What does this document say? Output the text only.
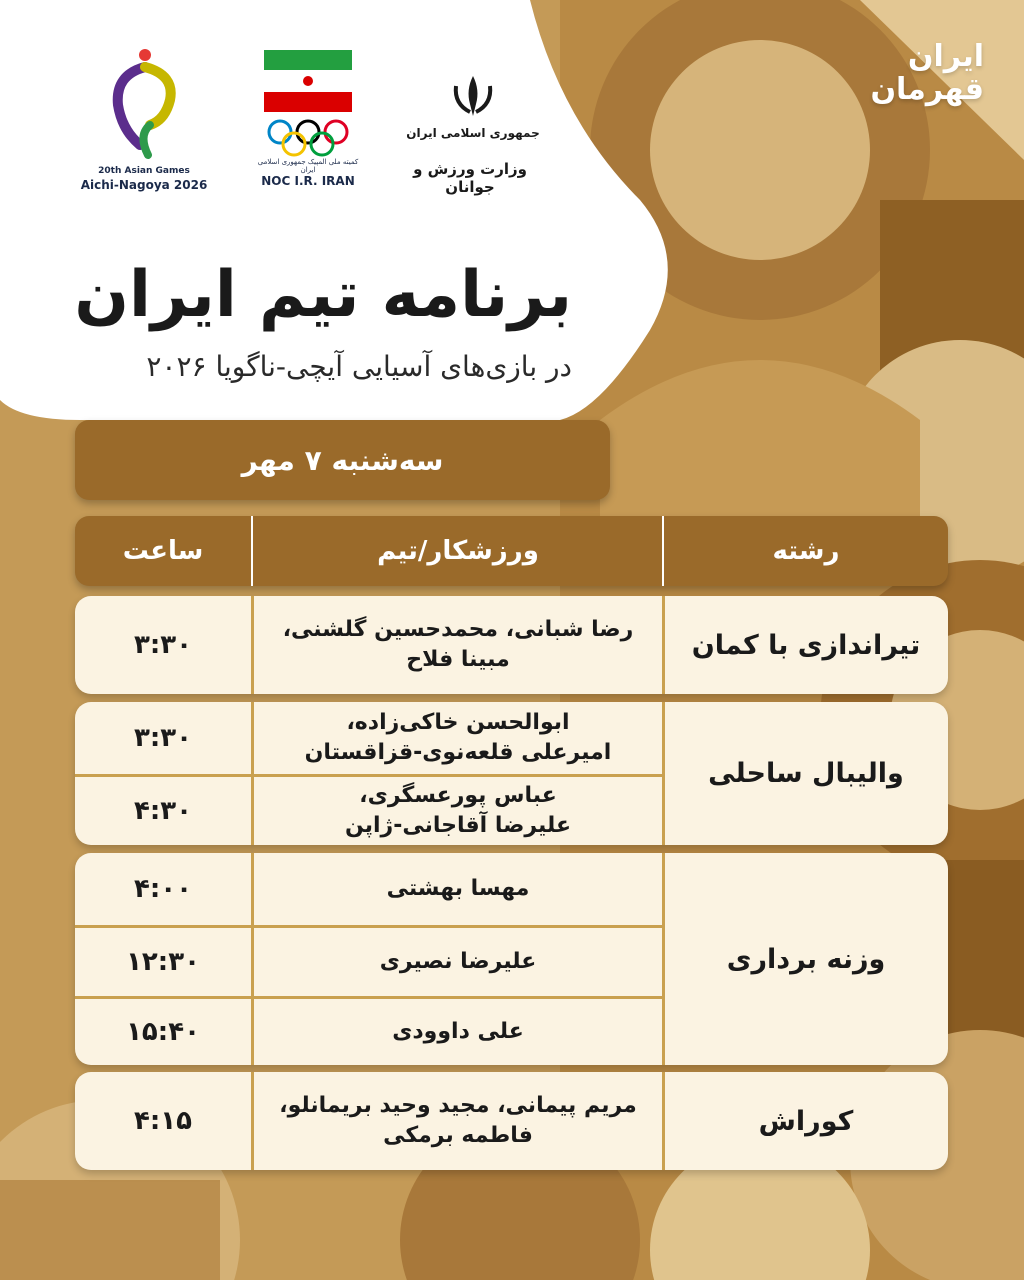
20th Asian Games
Aichi-Nagoya 2026
کمیته ملی المپیک جمهوری اسلامی ایران
NOC I.R. IRAN
جمهوری اسلامی ایران
وزارت ورزش و جوانان
ایران قهرمان
برنامه تیم ایران
در بازی‌های آسیایی آیچی-ناگویا ۲۰۲۶
سه‌شنبه ۷ مهر
رشته
ورزشکار/تیم
ساعت
تیراندازی با کمان
رضا شبانی، محمدحسین گلشنی،
مبینا فلاح
۳:۳۰
والیبال ساحلی
ابوالحسن خاکی‌زاده،
امیرعلی قلعه‌نوی-قزاقستان
۳:۳۰
عباس پورعسگری،
علیرضا آقاجانی-ژاپن
۴:۳۰
وزنه برداری
مهسا بهشتی
۴:۰۰
علیرضا نصیری
۱۲:۳۰
علی داوودی
۱۵:۴۰
کوراش
مریم پیمانی، مجید وحید بریمانلو،
فاطمه برمکی
۴:۱۵
